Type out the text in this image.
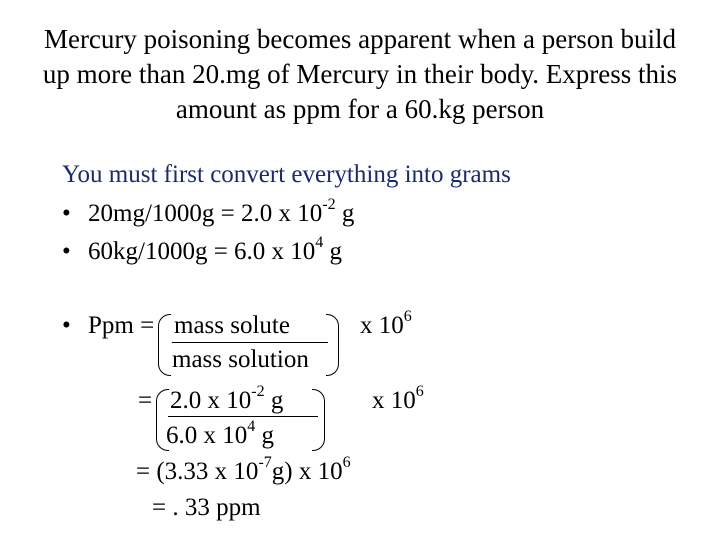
Mercury poisoning becomes apparent when a person build up more than 20.mg of Mercury in their body. Express this amount as ppm for a 60.kg person
You must first convert everything into grams
• 20mg/1000g = 2.0 x $10^{-2}$ g
• 60kg/1000g = 6.0 x $10^4$ g
• Ppm = mass solute
mass solution
x $10^6$
= 2.0 x $10^{-2}$ g
6.0 x $10^4$ g
x $10^6$
= (3.33 x $10^{-7}g$) x $10^6$
= . 33 ppm
